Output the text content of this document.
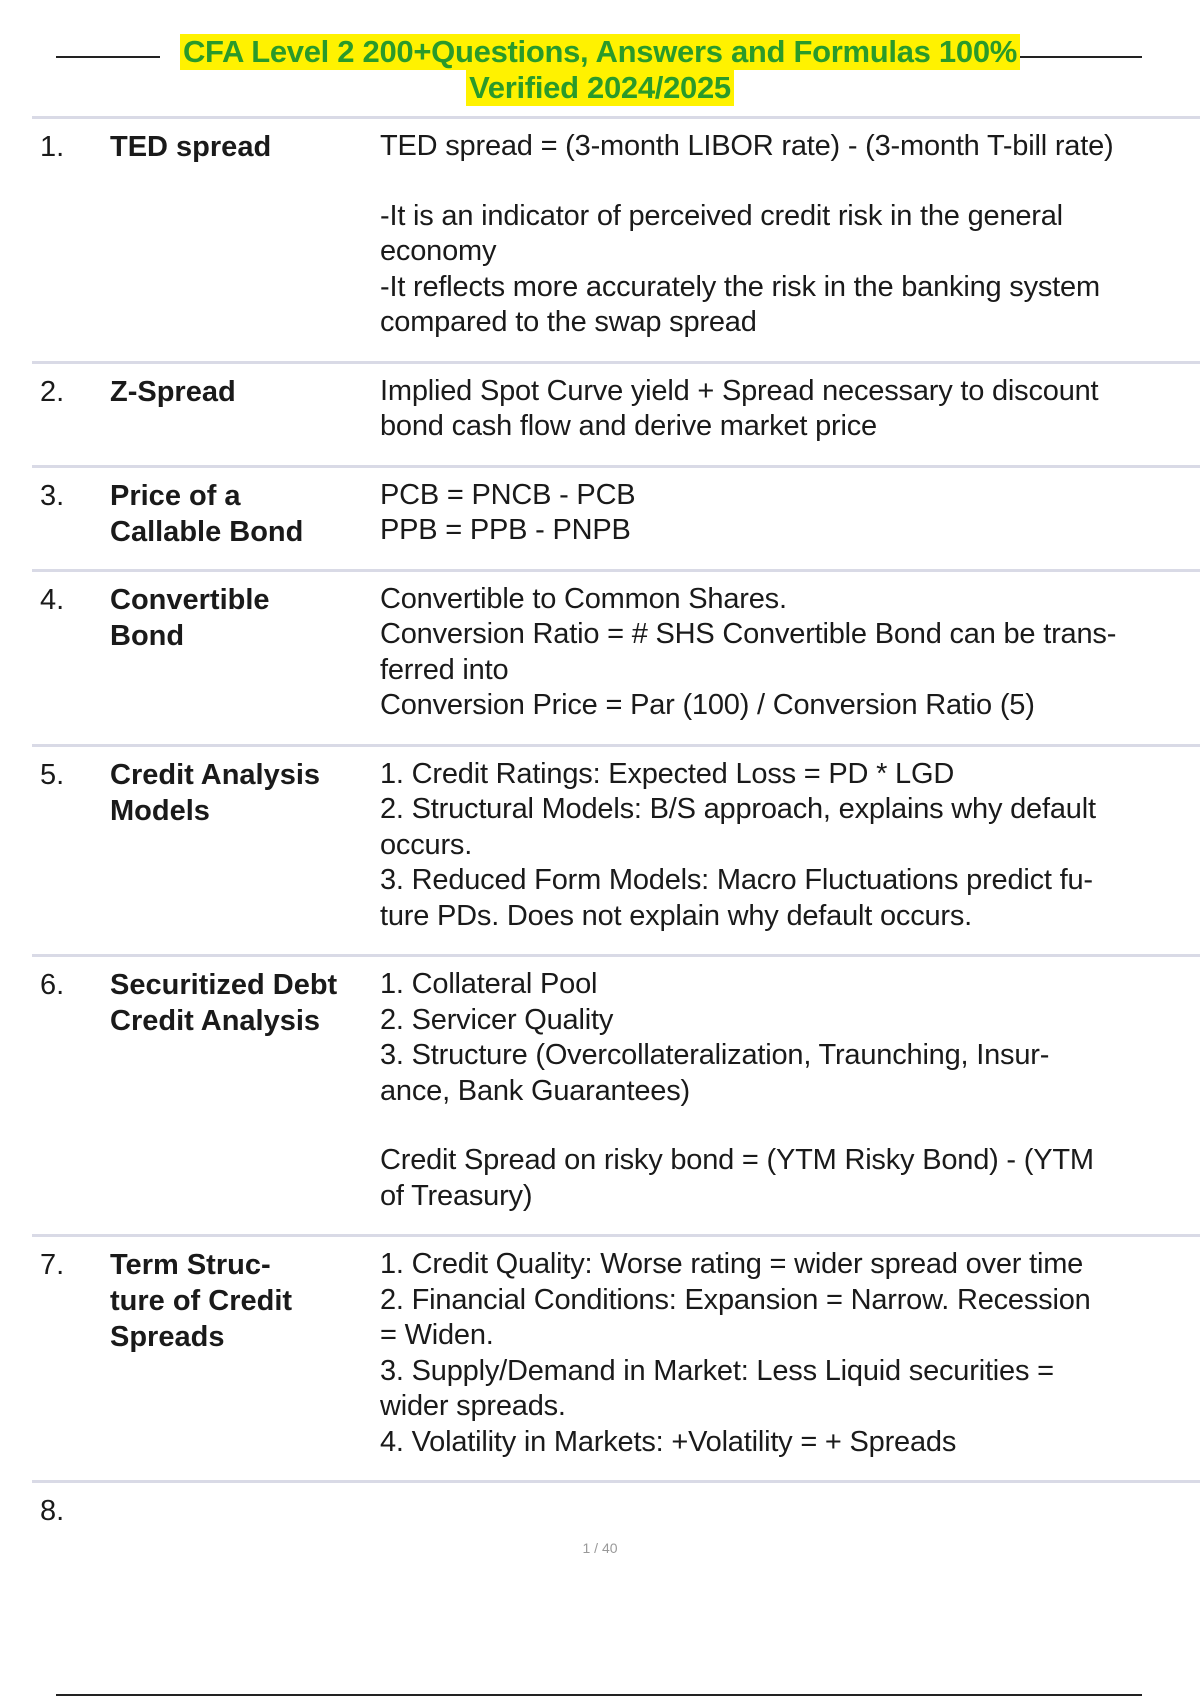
CFA Level 2 200+Questions, Answers and Formulas 100%
Verified 2024/2025
1. TED spread	TED spread = (3-month LIBOR rate) - (3-month T-bill rate)
-It is an indicator of perceived credit risk in the general
economy
-It reflects more accurately the risk in the banking system
compared to the swap spread
2. Z-Spread	Implied Spot Curve yield + Spread necessary to discount
bond cash flow and derive market price
3. Price of a
Callable Bond
PCB = PNCB - PCB
PPB = PPB - PNPB
4. Convertible
Bond
Convertible to Common Shares.
Conversion Ratio = # SHS Convertible Bond can be trans-
ferred into
Conversion Price = Par (100) / Conversion Ratio (5)
5. Credit Analysis
Models
1. Credit Ratings: Expected Loss = PD * LGD
2. Structural Models: B/S approach, explains why default
occurs.
3. Reduced Form Models: Macro Fluctuations predict fu-
ture PDs. Does not explain why default occurs.
6. Securitized Debt
Credit Analysis
1. Collateral Pool
2. Servicer Quality
3. Structure (Overcollateralization, Traunching, Insur-
ance, Bank Guarantees)
Credit Spread on risky bond = (YTM Risky Bond) - (YTM
of Treasury)
7. Term Struc-
ture of Credit
Spreads
1. Credit Quality: Worse rating = wider spread over time
2. Financial Conditions: Expansion = Narrow. Recession
= Widen.
3. Supply/Demand in Market: Less Liquid securities =
wider spreads.
4. Volatility in Markets: +Volatility = + Spreads
8.
1 / 40
